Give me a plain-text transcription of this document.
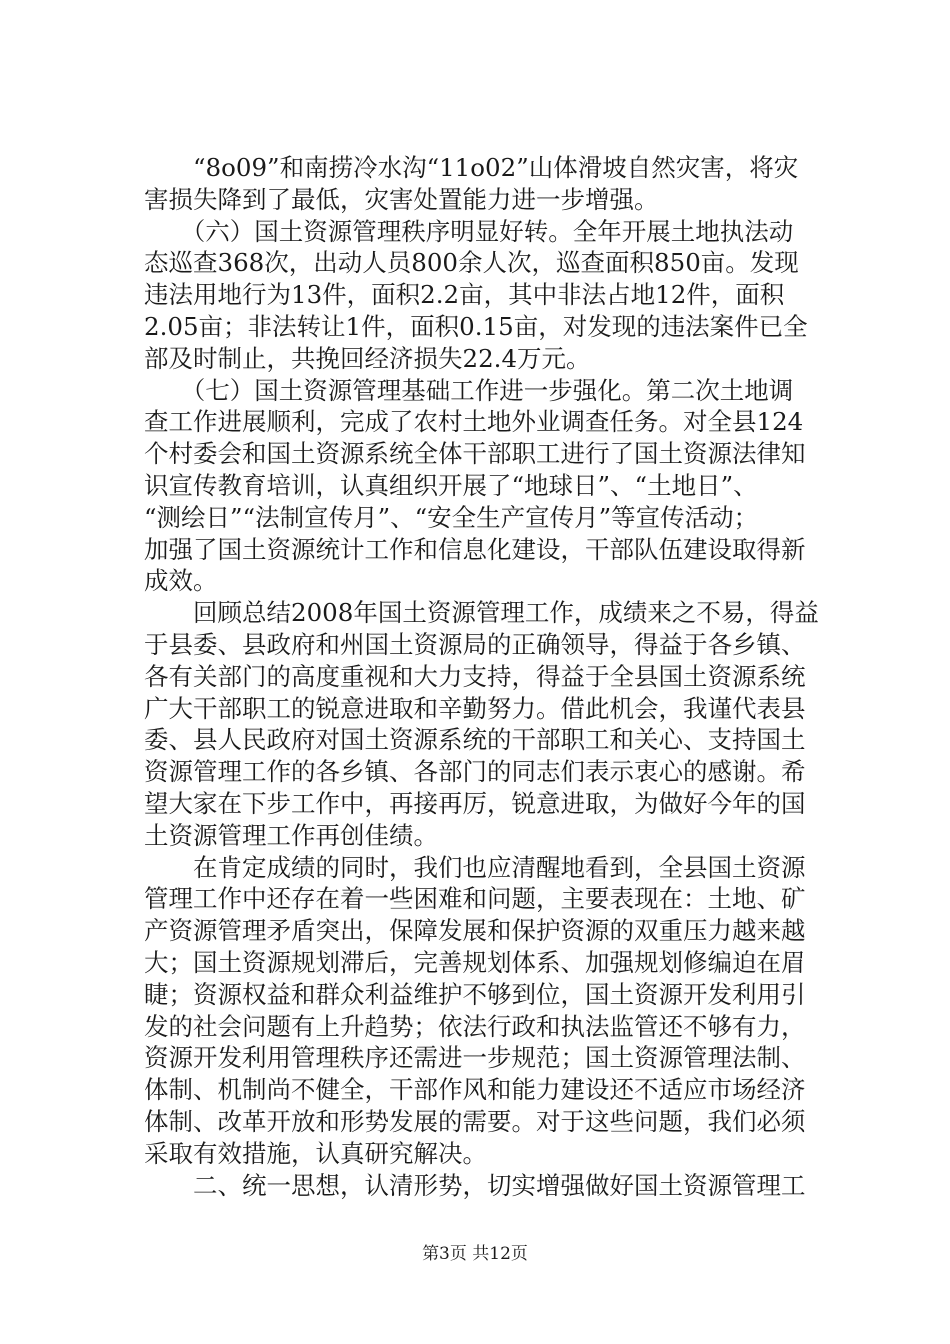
　　“8o09”和南捞冷水沟“11o02”山体滑坡自然灾害，将灾
害损失降到了最低，灾害处置能力进一步增强。
　　（六）国土资源管理秩序明显好转。全年开展土地执法动
态巡查368次，出动人员800余人次，巡查面积850亩。发现
违法用地行为13件，面积2.2亩，其中非法占地12件，面积
2.05亩；非法转让1件，面积0.15亩，对发现的违法案件已全
部及时制止，共挽回经济损失22.4万元。
　　（七）国土资源管理基础工作进一步强化。第二次土地调
查工作进展顺利，完成了农村土地外业调查任务。对全县124
个村委会和国土资源系统全体干部职工进行了国土资源法律知
识宣传教育培训，认真组织开展了“地球日”、“土地日”、
“测绘日”“法制宣传月”、“安全生产宣传月”等宣传活动；
加强了国土资源统计工作和信息化建设，干部队伍建设取得新
成效。
　　回顾总结2008年国土资源管理工作，成绩来之不易，得益
于县委、县政府和州国土资源局的正确领导，得益于各乡镇、
各有关部门的高度重视和大力支持，得益于全县国土资源系统
广大干部职工的锐意进取和辛勤努力。借此机会，我谨代表县
委、县人民政府对国土资源系统的干部职工和关心、支持国土
资源管理工作的各乡镇、各部门的同志们表示衷心的感谢。希
望大家在下步工作中，再接再厉，锐意进取，为做好今年的国
土资源管理工作再创佳绩。
　　在肯定成绩的同时，我们也应清醒地看到，全县国土资源
管理工作中还存在着一些困难和问题，主要表现在：土地、矿
产资源管理矛盾突出，保障发展和保护资源的双重压力越来越
大；国土资源规划滞后，完善规划体系、加强规划修编迫在眉
睫；资源权益和群众利益维护不够到位，国土资源开发利用引
发的社会问题有上升趋势；依法行政和执法监管还不够有力，
资源开发利用管理秩序还需进一步规范；国土资源管理法制、
体制、机制尚不健全，干部作风和能力建设还不适应市场经济
体制、改革开放和形势发展的需要。对于这些问题，我们必须
采取有效措施，认真研究解决。
　　二、统一思想，认清形势，切实增强做好国土资源管理工
第3页 共12页
